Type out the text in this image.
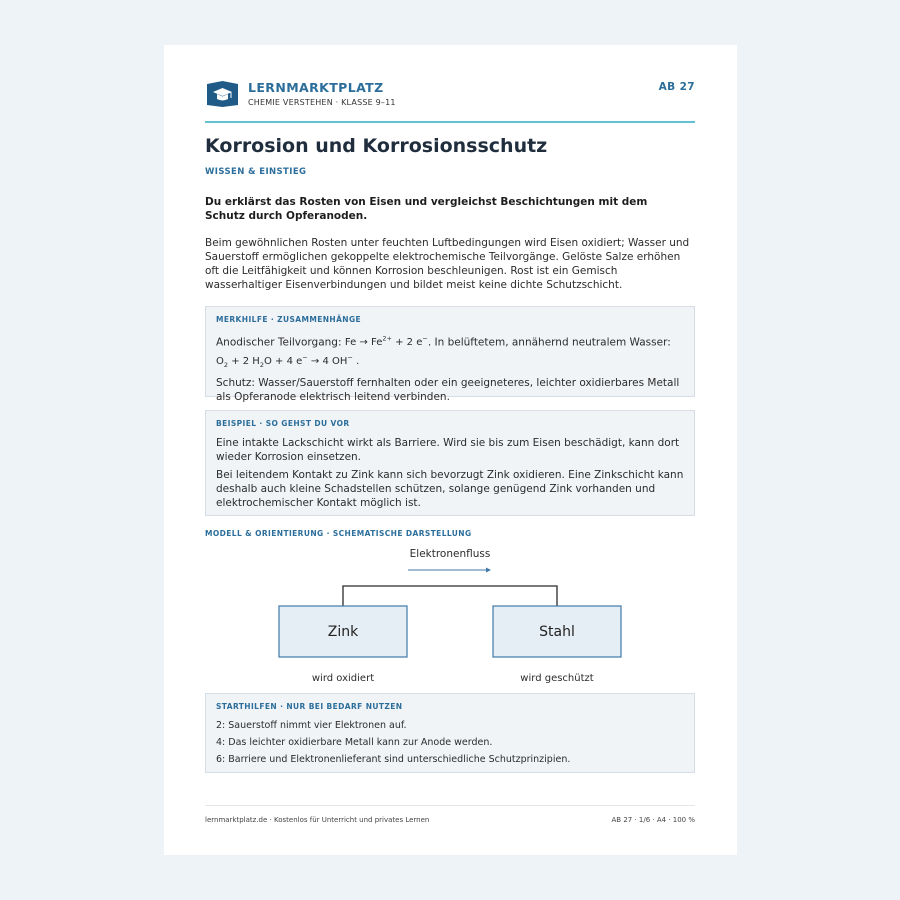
LERNMARKTPLATZ
CHEMIE VERSTEHEN · KLASSE 9–11
AB 27
Korrosion und Korrosionsschutz
WISSEN & EINSTIEG
Du erklärst das Rosten von Eisen und vergleichst Beschichtungen mit dem Schutz durch Opferanoden.
Beim gewöhnlichen Rosten unter feuchten Luftbedingungen wird Eisen oxidiert; Wasser und Sauerstoff ermöglichen gekoppelte elektrochemische Teilvorgänge. Gelöste Salze erhöhen oft die Leitfähigkeit und können Korrosion beschleunigen. Rost ist ein Gemisch wasserhaltiger Eisenverbindungen und bildet meist keine dichte Schutzschicht.
MERKHILFE · ZUSAMMENHÄNGE

Anodischer Teilvorgang: $Fe \to Fe^{2+} + 2$ e−. In belüftetem, annähernd neutralem Wasser:

$O_2 + 2$ $H_2O + 4$ e− → 4 OH− .

Schutz: Wasser/Sauerstoff fernhalten oder ein geeigneteres, leichter oxidierbares Metall als Opferanode elektrisch leitend verbinden.

BEISPIEL · SO GEHST DU VOR

Eine intakte Lackschicht wirkt als Barriere. Wird sie bis zum Eisen beschädigt, kann dort wieder Korrosion einsetzen.

Bei leitendem Kontakt zu Zink kann sich bevorzugt Zink oxidieren. Eine Zinkschicht kann deshalb auch kleine Schadstellen schützen, solange genügend Zink vorhanden und elektrochemischer Kontakt möglich ist.

MODELL & ORIENTIERUNG · SCHEMATISCHE DARSTELLUNG
Elektronenfluss
Zink	Stahl
wird oxidiert	wird geschützt
STARTHILFEN · NUR BEI BEDARF NUTZEN

2: Sauerstoff nimmt vier Elektronen auf.

4: Das leichter oxidierbare Metall kann zur Anode werden.

6: Barriere und Elektronenlieferant sind unterschiedliche Schutzprinzipien.

lernmarktplatz.de · Kostenlos für Unterricht und privates Lernen	AB 27 · 1/6 · A4 · 100 %
